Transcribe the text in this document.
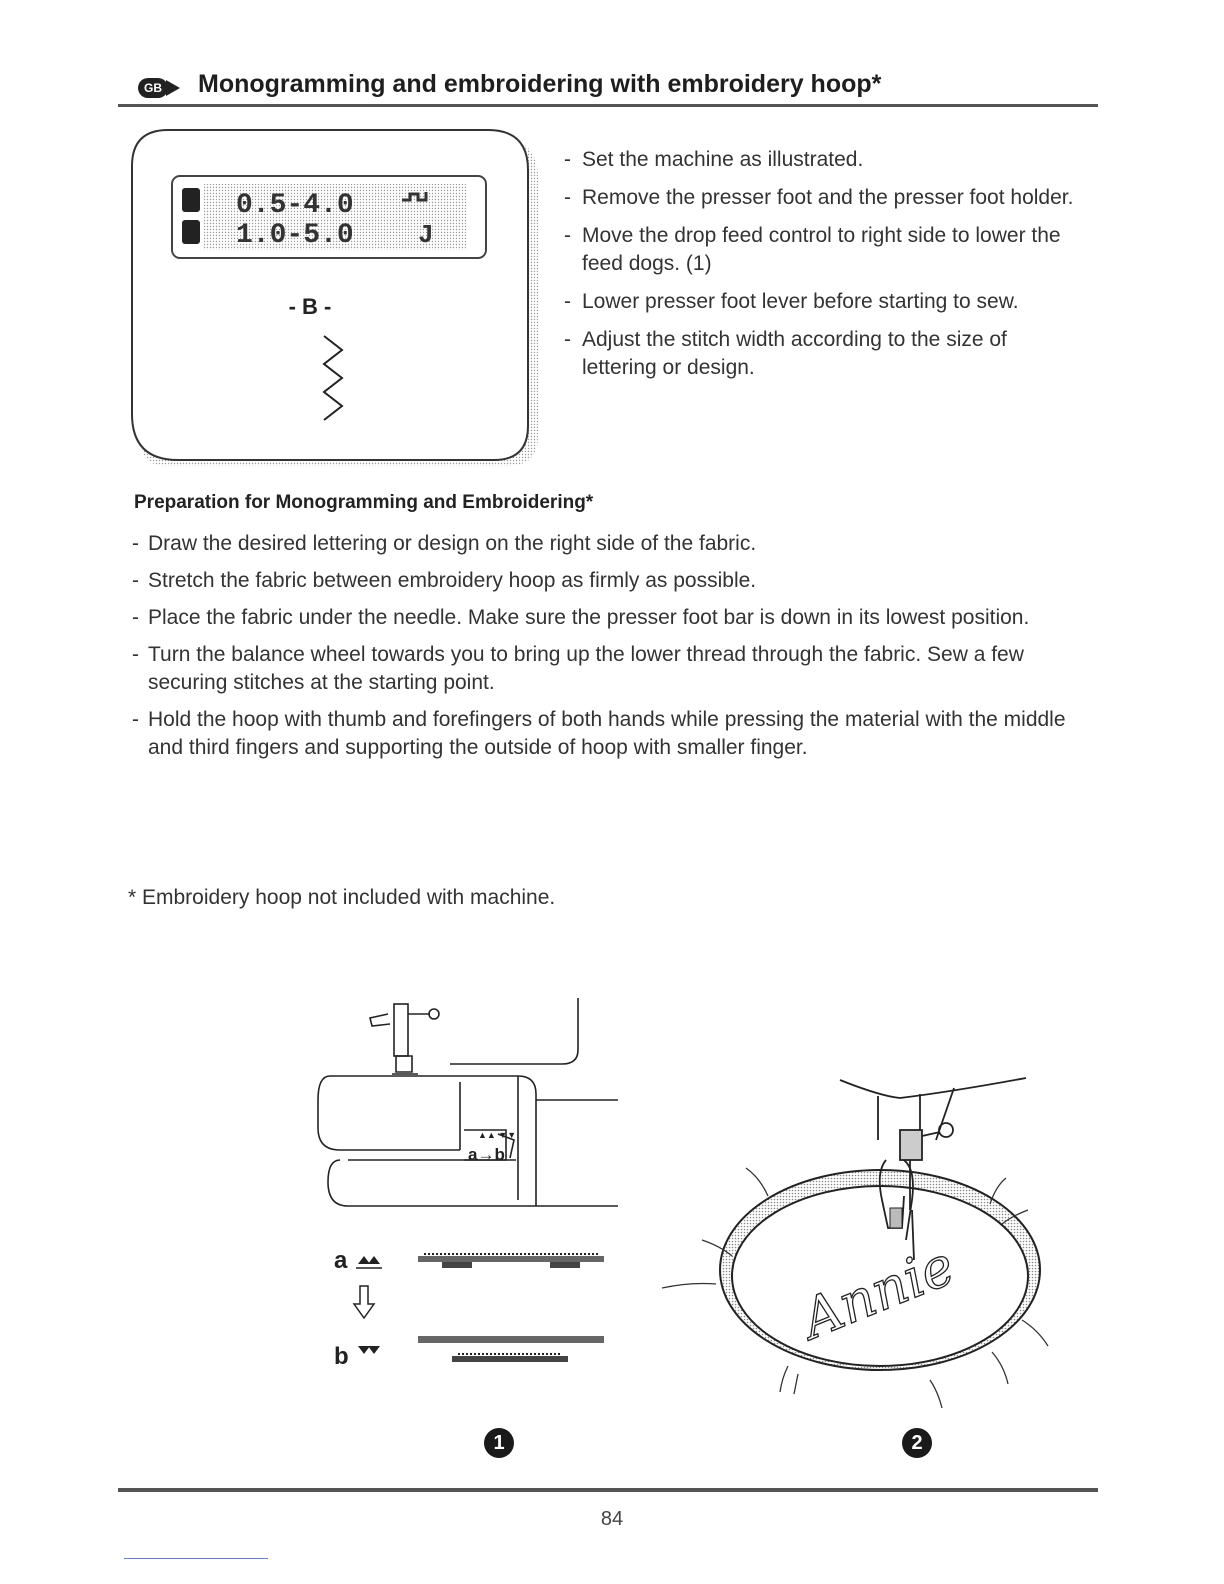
GB Monogramming and embroidering with embroidery hoop*
0.5-4.0
1.0-5.0 J
- B -
- Set the machine as illustrated.
- Remove the presser foot and the presser foot holder.
- Move the drop feed control to right side to lower the feed dogs. (1)
- Lower presser foot lever before starting to sew.
- Adjust the stitch width according to the size of lettering or design.
Preparation for Monogramming and Embroidering*
- Draw the desired lettering or design on the right side of the fabric.
- Stretch the fabric between embroidery hoop as firmly as possible.
- Place the fabric under the needle. Make sure the presser foot bar is down in its lowest position.
- Turn the balance wheel towards you to bring up the lower thread through the fabric. Sew a few securing stitches at the starting point.
- Hold the hoop with thumb and forefingers of both hands while pressing the material with the middle and third fingers and supporting the outside of hoop with smaller finger.
* Embroidery hoop not included with machine.
▲▲ ▼▼
a→b
a
b
Annie
1	2
84
